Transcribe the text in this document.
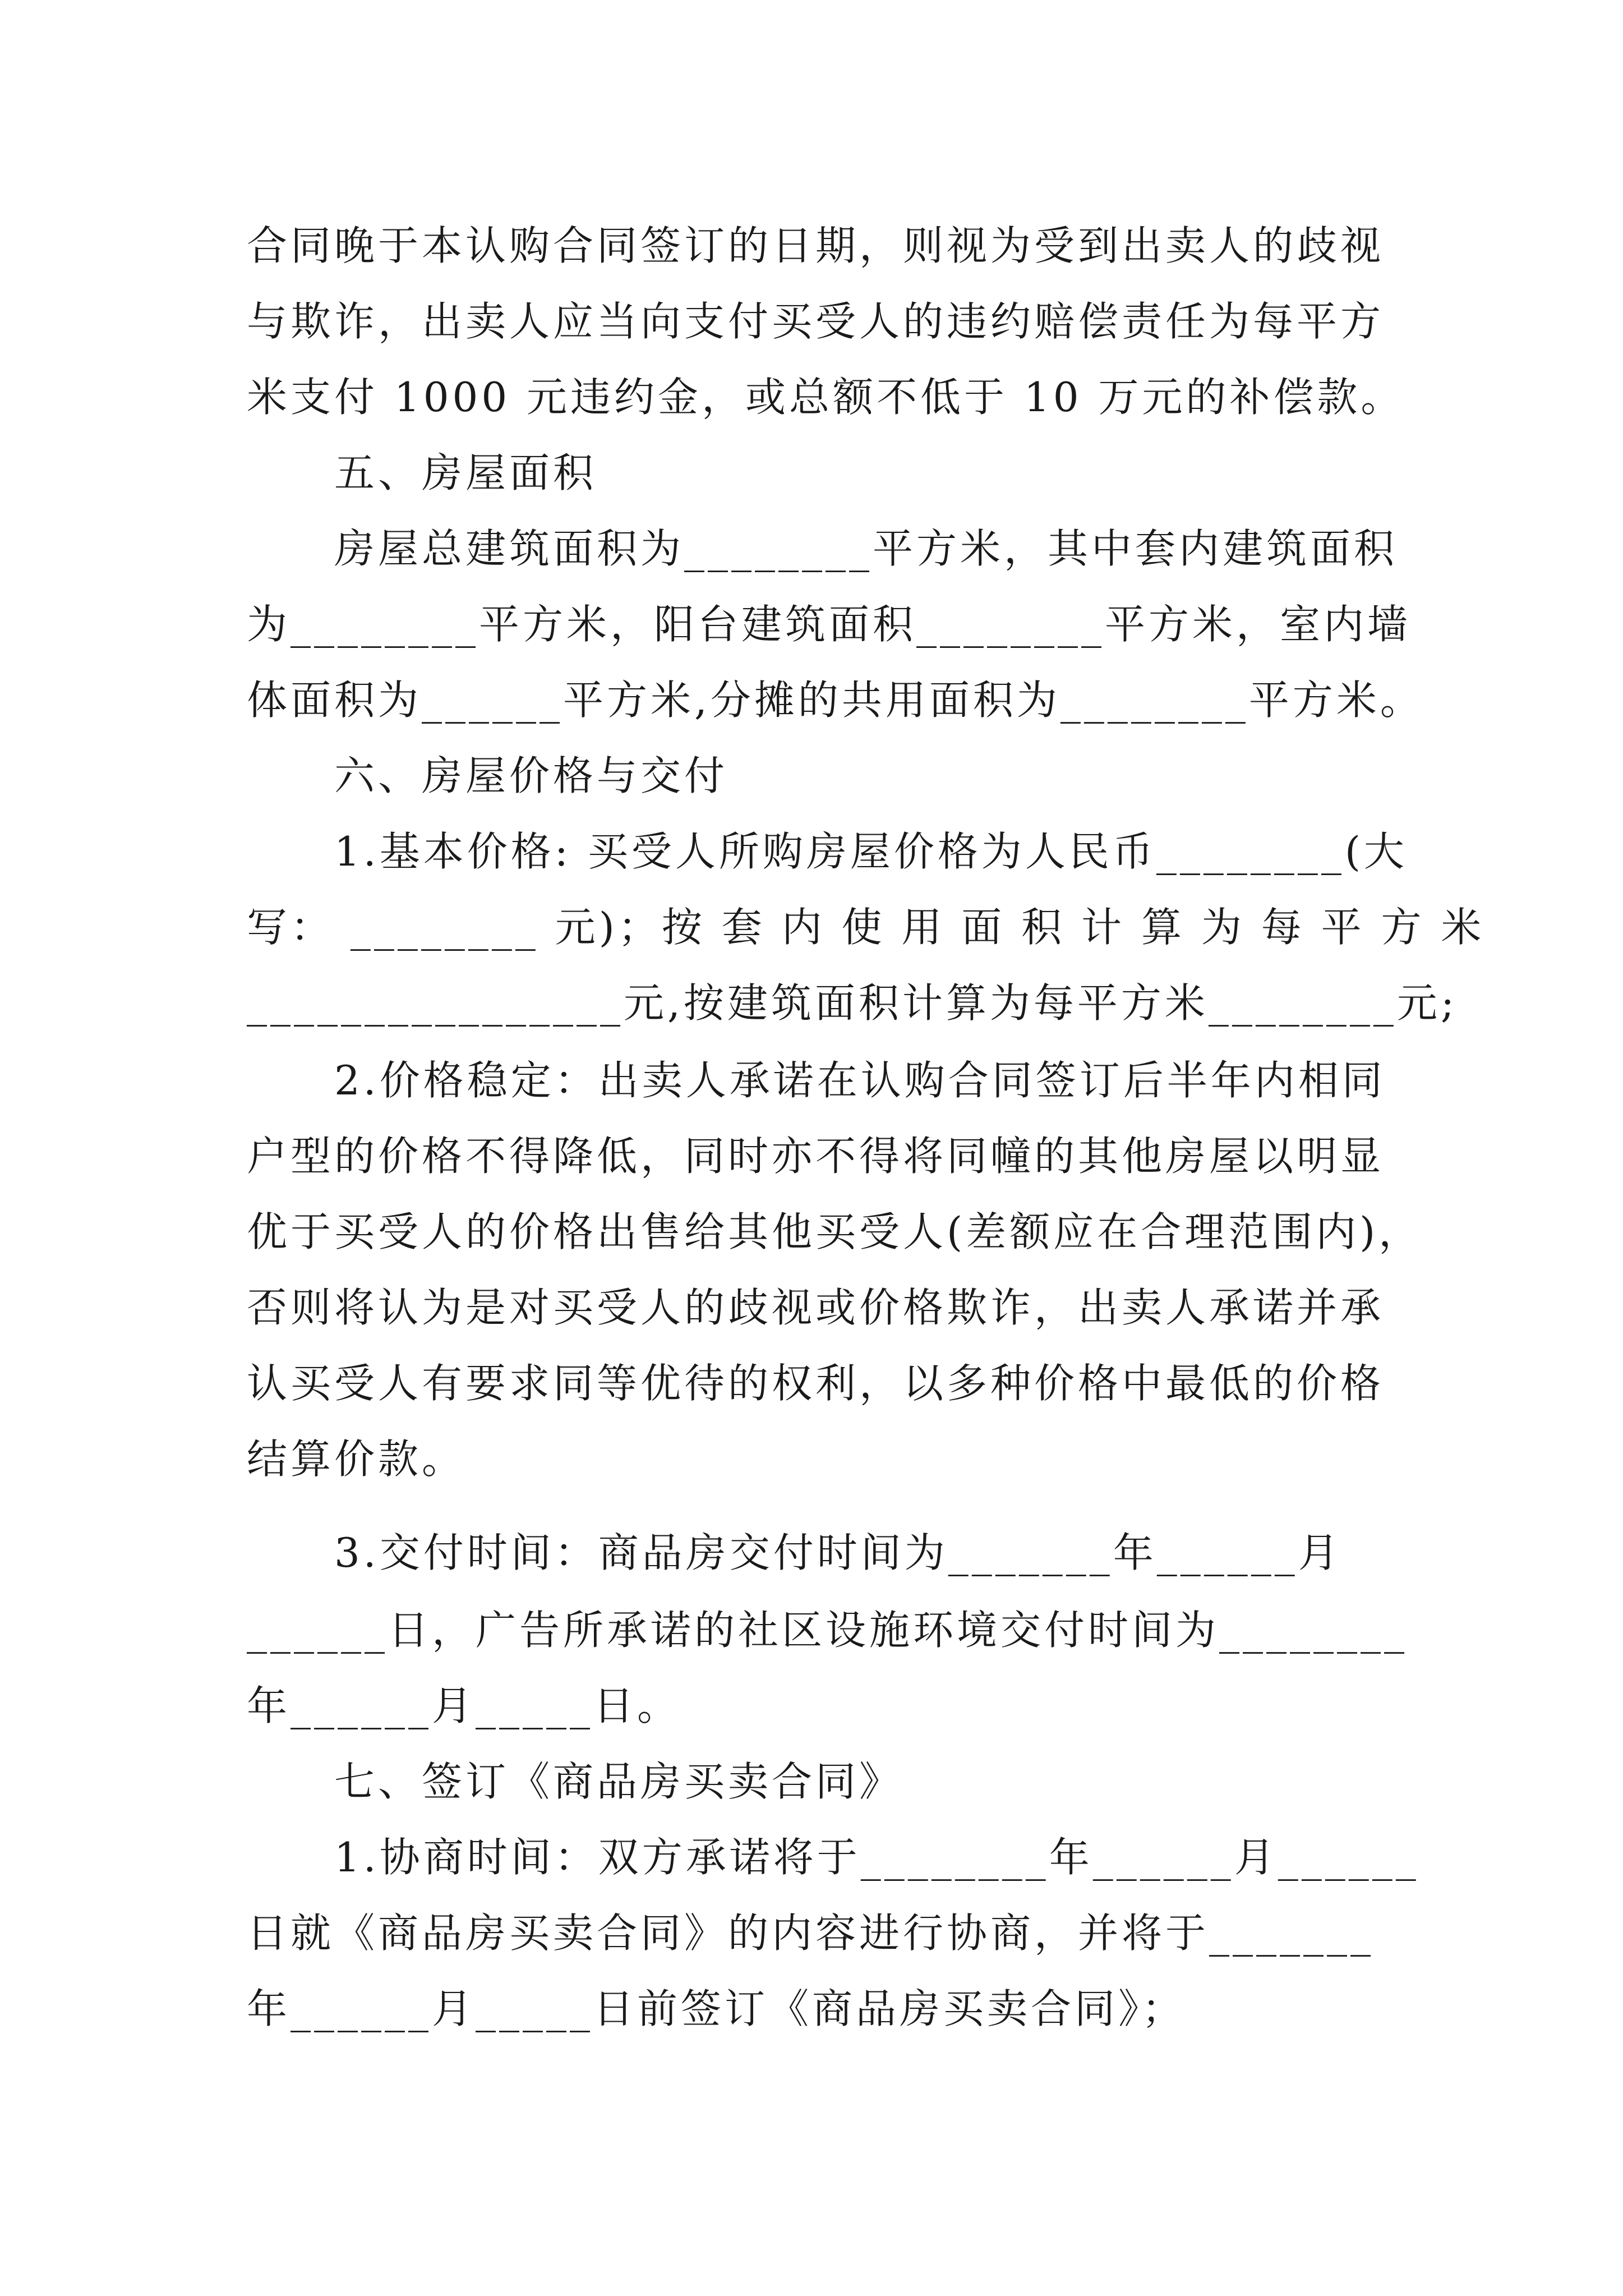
合同晚于本认购合同签订的日期，则视为受到出卖人的歧视
与欺诈，出卖人应当向支付买受人的违约赔偿责任为每平方
米支付 1000 元违约金，或总额不低于 10 万元的补偿款。
五、房屋面积
房屋总建筑面积为________平方米，其中套内建筑面积
为________平方米，阳台建筑面积________平方米，室内墙
体面积为______平方米,分摊的共用面积为________平方米。
六、房屋价格与交付
1.基本价格: 买受人所购房屋价格为人民币________(大
写： ________ 元)；按 套 内 使 用 面 积 计 算 为 每 平 方 米
________________元,按建筑面积计算为每平方米________元;
2.价格稳定：出卖人承诺在认购合同签订后半年内相同
户型的价格不得降低，同时亦不得将同幢的其他房屋以明显
优于买受人的价格出售给其他买受人(差额应在合理范围内)，
否则将认为是对买受人的歧视或价格欺诈，出卖人承诺并承
认买受人有要求同等优待的权利，以多种价格中最低的价格
结算价款。
3.交付时间：商品房交付时间为_______年______月
______日，广告所承诺的社区设施环境交付时间为________
年______月_____日。
七、签订《商品房买卖合同》
1.协商时间：双方承诺将于________年______月______
日就《商品房买卖合同》的内容进行协商，并将于_______
年______月_____日前签订《商品房买卖合同》；
